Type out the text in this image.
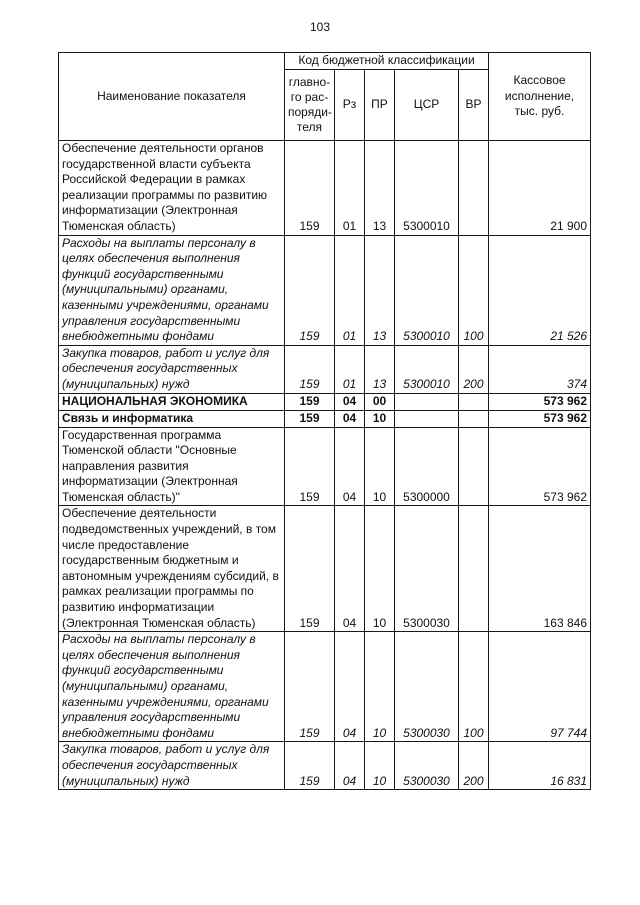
103
Наименование показателя	Код бюджетной классификации					Кассовое исполнение, тыс. руб.
	главно-го рас-поряди-теля	Рз	ПР	ЦСР	ВР	
Обеспечение деятельности органов государственной власти субъекта Российской Федерации в рамках реализации программы по развитию информатизации (Электронная Тюменская область)	159	01	13	5300010		21 900
Расходы на выплаты персоналу в целях обеспечения выполнения функций государственными (муниципальными) органами, казенными учреждениями, органами управления государственными внебюджетными фондами	159	01	13	5300010	100	21 526
Закупка товаров, работ и услуг для обеспечения государственных (муниципальных) нужд	159	01	13	5300010	200	374
НАЦИОНАЛЬНАЯ ЭКОНОМИКА	159	04	00			573 962
Связь и информатика	159	04	10			573 962
Государственная программа Тюменской области "Основные направления развития информатизации (Электронная Тюменская область)"	159	04	10	5300000		573 962
Обеспечение деятельности подведомственных учреждений, в том числе предоставление государственным бюджетным и автономным учреждениям субсидий, в рамках реализации программы по развитию информатизации (Электронная Тюменская область)	159	04	10	5300030		163 846
Расходы на выплаты персоналу в целях обеспечения выполнения функций государственными (муниципальными) органами, казенными учреждениями, органами управления государственными внебюджетными фондами	159	04	10	5300030	100	97 744
Закупка товаров, работ и услуг для обеспечения государственных (муниципальных) нужд	159	04	10	5300030	200	16 831
